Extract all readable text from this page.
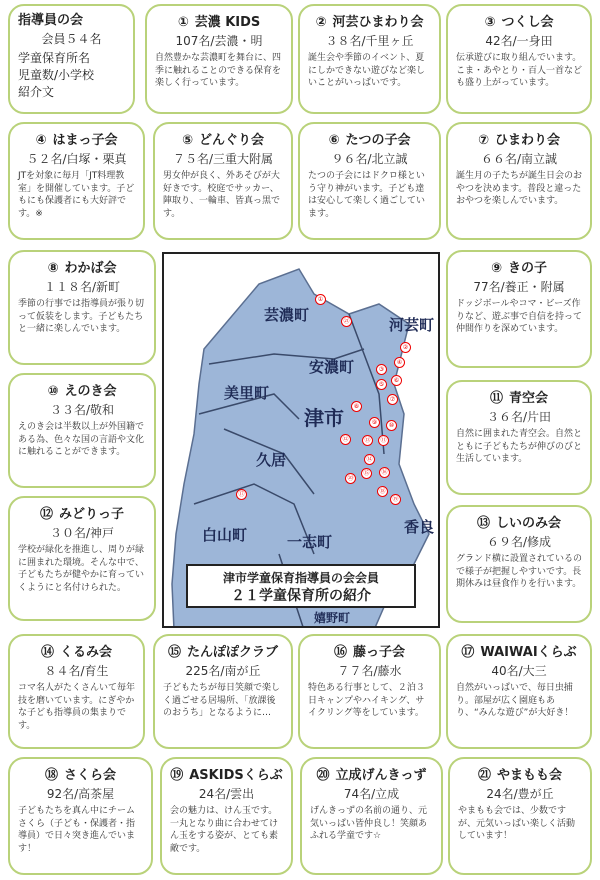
指導員の会
会員５４名
学童保育所名
児童数/小学校
紹介文
① 芸濃 KIDS
107名/芸濃・明
自然豊かな芸濃町を舞台に、四季に触れることのできる保育を楽しく行っています。
② 河芸ひまわり会
３８名/千里ヶ丘
誕生会や季節のイベント、夏にしかできない遊びなど楽しいことがいっぱいです。
③ つくし会
42名/一身田
伝承遊びに取り組んでいます。こま・あやとり・百人一首なども盛り上がっています。
④ はまっ子会
５２名/白塚・栗真
JTを対象に毎月「JT料理教室」を開催しています。子どもにも保護者にも大好評です。※
⑤ どんぐり会
７５名/三重大附属
男女仲が良く、外あそびが大好きです。校庭でサッカー、陣取り、一輪車、皆真っ黒です。
⑥ たつの子会
９６名/北立誠
たつの子会にはドクロ様という守り神がいます。子ども達は安心して楽しく過ごしています。
⑦ ひまわり会
６６名/南立誠
誕生月の子たちが誕生日会のおやつを決めます。普段と違ったおやつを楽しんでいます。
⑧ わかば会
１１８名/新町
季節の行事では指導員が張り切って仮装をします。子どもたちと一緒に楽しんでいます。
⑩ えのき会
３３名/敬和
えのき会は半数以上が外国籍である為、色々な国の言語や文化に触れることができます。
⑫ みどりっ子
３０名/神戸
学校が緑化を推進し、周りが緑に囲まれた環境。そんな中で、子どもたちが健やかに育っていくようにと名付けられた。
⑨ きの子
77名/養正・附属
ドッジボールやコマ・ビーズ作りなど、遊ぶ事で自信を持って仲間作りを深めています。
⑪ 青空会
３６名/片田
自然に囲まれた青空会。自然とともに子どもたちが伸びのびと生活しています。
⑬ しいのみ会
６９名/修成
グランド横に設置されているので様子が把握しやすいです。長期休みは昼食作りを行います。
芸濃町
河芸町
安濃町
美里町
津市
久居
白山町	一志町
香良
嬉野町
①
②
③
④
⑤
⑥
⑦
⑧
⑨	⑩
⑪
⑫	⑬
⑭
⑮	⑯
⑰	⑱
⑲
⑳
㉑
津市学童保育指導員の会会員
２１学童保育所の紹介
⑭ くるみ会
８４名/育生
コマ名人がたくさんいて毎年技を磨いています。にぎやかな子ども指導員の集まりです。
⑮ たんぽぽクラブ
225名/南が丘
子どもたちが毎日笑顔で楽しく過ごせる居場所、「放課後のおうち」となるように…
⑯ 藤っ子会
７７名/藤水
特色ある行事として、２泊３日キャンプやハイキング、サイクリング等をしています。
⑰ WAIWAIくらぶ
40名/大三
自然がいっぱいで、毎日虫捕り。部屋が広く園庭もあり、“みんな遊び”が大好き！
⑱ さくら会
92名/高茶屋
子どもたちを真ん中にチームさくら（子ども・保護者・指導員）で日々突き進んでいます！
⑲ ASKIDSくらぶ
24名/雲出
会の魅力は、けん玉です。一丸となり曲に合わせてけん玉をする姿が、とても素敵です。
⑳ 立成げんきっず
74名/立成
げんきっずの名前の通り、元気いっぱい皆仲良し！笑顔あふれる学童です☆
㉑ やまもも会
24名/豊が丘
やまもも会では、少数ですが、元気いっぱい楽しく活動しています！
